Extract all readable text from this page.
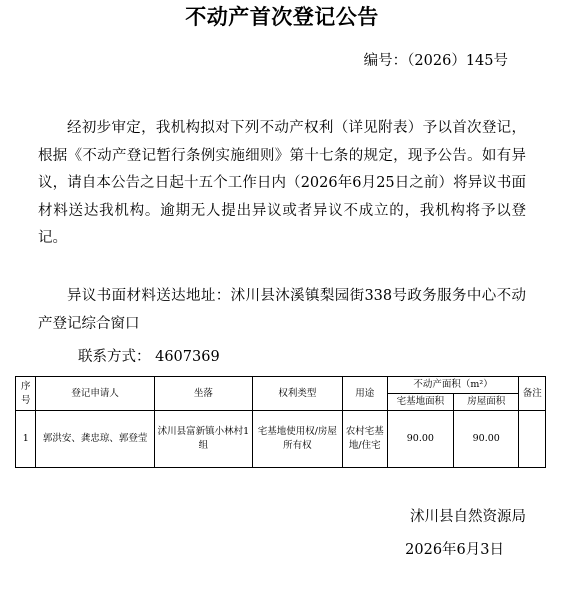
不动产首次登记公告
编号：（2026）145号
经初步审定，我机构拟对下列不动产权利（详见附表）予以首次登记，根据《不动产登记暂行条例实施细则》第十七条的规定，现予公告。如有异议，请自本公告之日起十五个工作日内（2026年6月25日之前）将异议书面材料送达我机构。逾期无人提出异议或者异议不成立的，我机构将予以登记。
异议书面材料送达地址：沭川县沐溪镇梨园街338号政务服务中心不动产登记综合窗口
联系方式： 4607369
序号	登记申请人	坐落	权利类型	用途	不动产面积（m²）		备注
					宅基地面积	房屋面积	
1	郭洪安、龚忠琼、郭登莹	沭川县富新镇小林村1组	宅基地使用权/房屋所有权	农村宅基地/住宅	90.00	90.00	
沭川县自然资源局
2026年6月3日
